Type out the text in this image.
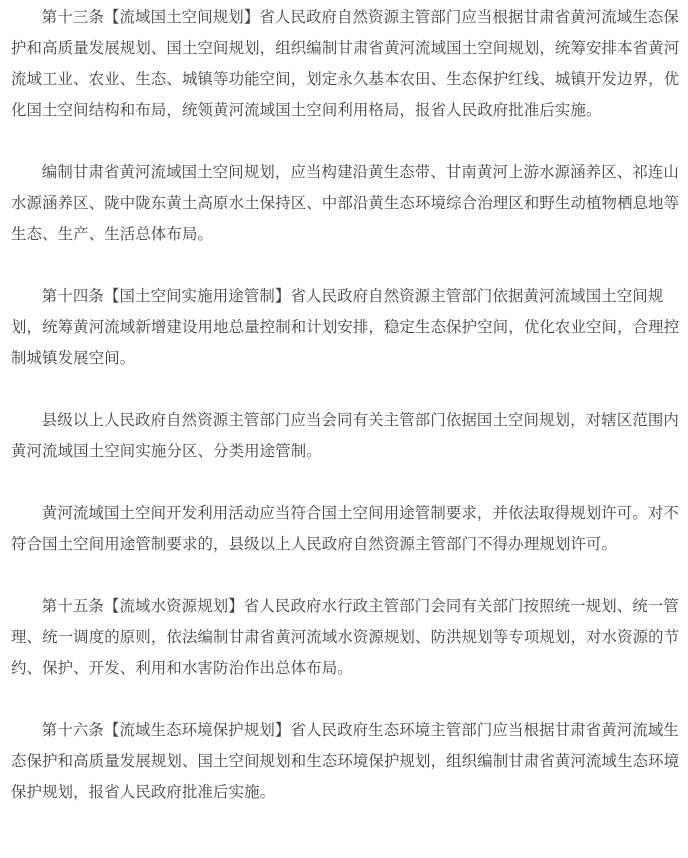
第十三条【流域国土空间规划】省人民政府自然资源主管部门应当根据甘肃省黄河流域生态保护和高质量发展规划、国土空间规划，组织编制甘肃省黄河流域国土空间规划，统筹安排本省黄河流域工业、农业、生态、城镇等功能空间，划定永久基本农田、生态保护红线、城镇开发边界，优化国土空间结构和布局，统领黄河流域国土空间利用格局，报省人民政府批准后实施。

编制甘肃省黄河流域国土空间规划，应当构建沿黄生态带、甘南黄河上游水源涵养区、祁连山水源涵养区、陇中陇东黄土高原水土保持区、中部沿黄生态环境综合治理区和野生动植物栖息地等生态、生产、生活总体布局。

第十四条【国土空间实施用途管制】省人民政府自然资源主管部门依据黄河流域国土空间规划，统筹黄河流域新增建设用地总量控制和计划安排，稳定生态保护空间，优化农业空间，合理控制城镇发展空间。

县级以上人民政府自然资源主管部门应当会同有关主管部门依据国土空间规划，对辖区范围内黄河流域国土空间实施分区、分类用途管制。

黄河流域国土空间开发利用活动应当符合国土空间用途管制要求，并依法取得规划许可。对不符合国土空间用途管制要求的，县级以上人民政府自然资源主管部门不得办理规划许可。

第十五条【流域水资源规划】省人民政府水行政主管部门会同有关部门按照统一规划、统一管理、统一调度的原则，依法编制甘肃省黄河流域水资源规划、防洪规划等专项规划，对水资源的节约、保护、开发、利用和水害防治作出总体布局。

第十六条【流域生态环境保护规划】省人民政府生态环境主管部门应当根据甘肃省黄河流域生态保护和高质量发展规划、国土空间规划和生态环境保护规划，组织编制甘肃省黄河流域生态环境保护规划，报省人民政府批准后实施。
